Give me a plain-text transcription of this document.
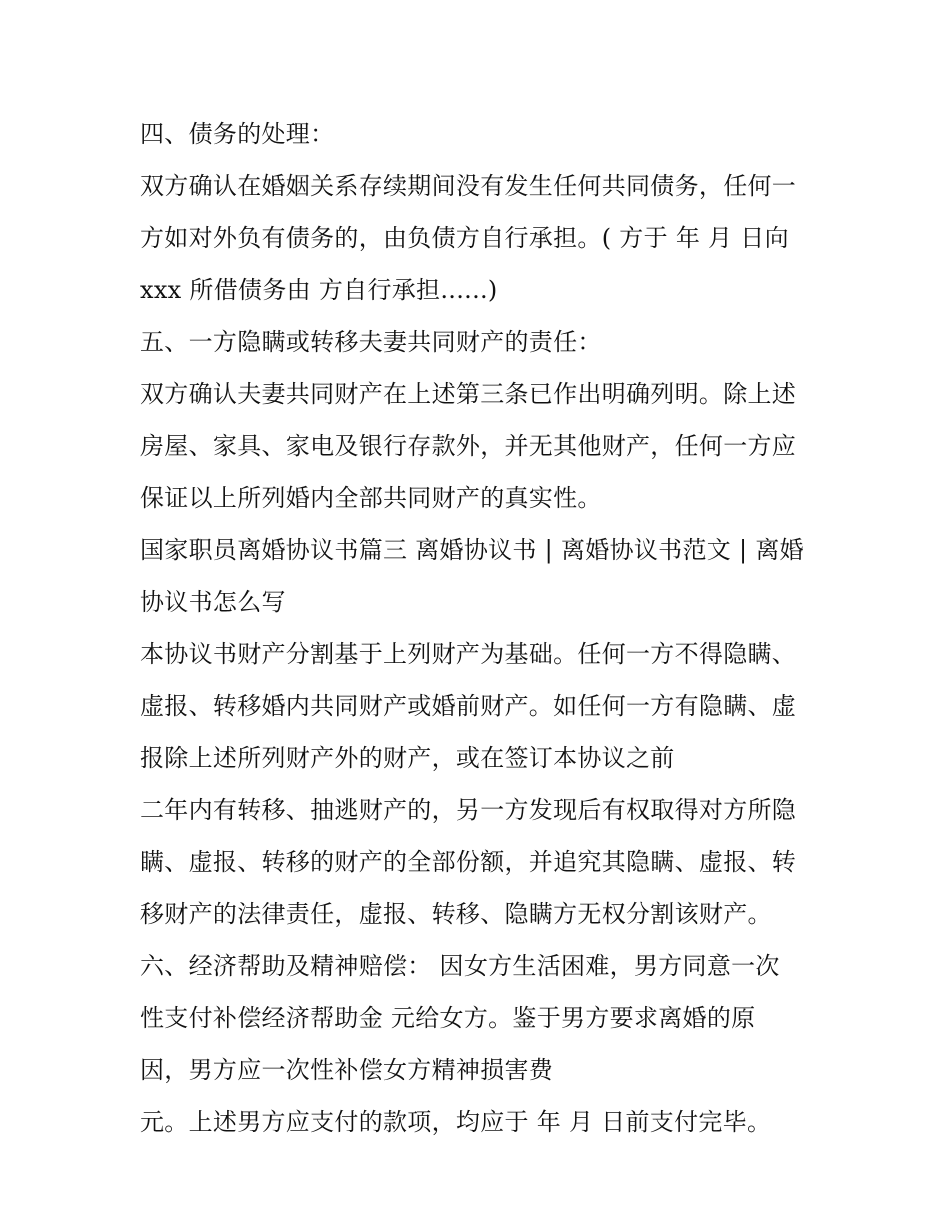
四、债务的处理：
双方确认在婚姻关系存续期间没有发生任何共同债务，任何一
方如对外负有债务的，由负债方自行承担。( 方于 年 月 日向
xxx 所借债务由 方自行承担......)
五、一方隐瞒或转移夫妻共同财产的责任：
双方确认夫妻共同财产在上述第三条已作出明确列明。除上述
房屋、家具、家电及银行存款外，并无其他财产，任何一方应
保证以上所列婚内全部共同财产的真实性。
国家职员离婚协议书篇三 离婚协议书 | 离婚协议书范文 | 离婚
协议书怎么写
本协议书财产分割基于上列财产为基础。任何一方不得隐瞒、
虚报、转移婚内共同财产或婚前财产。如任何一方有隐瞒、虚
报除上述所列财产外的财产，或在签订本协议之前
二年内有转移、抽逃财产的，另一方发现后有权取得对方所隐
瞒、虚报、转移的财产的全部份额，并追究其隐瞒、虚报、转
移财产的法律责任，虚报、转移、隐瞒方无权分割该财产。
六、经济帮助及精神赔偿： 因女方生活困难，男方同意一次
性支付补偿经济帮助金 元给女方。鉴于男方要求离婚的原
因，男方应一次性补偿女方精神损害费
元。上述男方应支付的款项，均应于 年 月 日前支付完毕。
